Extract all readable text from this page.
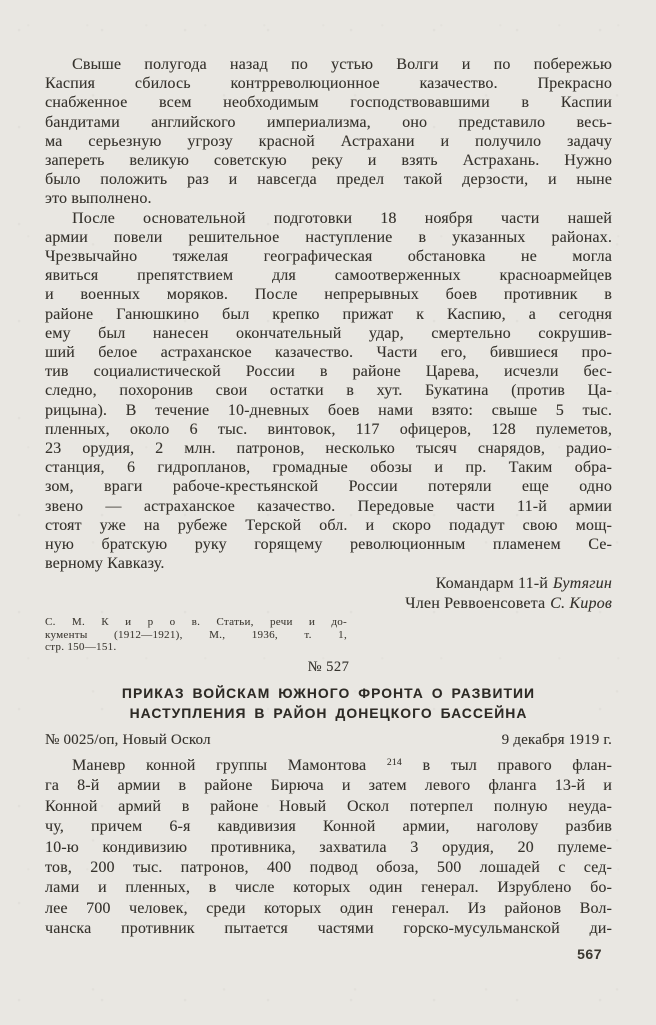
Свыше полугода назад по устью Волги и по побережью
Каспия сбилось контрреволюционное казачество. Прекрасно
снабженное всем необходимым господствовавшими в Каспии
бандитами английского империализма, оно представило весь-
ма серьезную угрозу красной Астрахани и получило задачу
запереть великую советскую реку и взять Астрахань. Нужно
было положить раз и навсегда предел такой дерзости, и ныне
это выполнено.
После основательной подготовки 18 ноября части нашей
армии повели решительное наступление в указанных районах.
Чрезвычайно тяжелая географическая обстановка не могла
явиться препятствием для самоотверженных красноармейцев
и военных моряков. После непрерывных боев противник в
районе Ганюшкино был крепко прижат к Каспию, а сегодня
ему был нанесен окончательный удар, смертельно сокрушив-
ший белое астраханское казачество. Части его, бившиеся про-
тив социалистической России в районе Царева, исчезли бес-
следно, похоронив свои остатки в хут. Букатина (против Ца-
рицына). В течение 10-дневных боев нами взято: свыше 5 тыс.
пленных, около 6 тыс. винтовок, 117 офицеров, 128 пулеметов,
23 орудия, 2 млн. патронов, несколько тысяч снарядов, радио-
станция, 6 гидропланов, громадные обозы и пр. Таким обра-
зом, враги рабоче-крестьянской России потеряли еще одно
звено — астраханское казачество. Передовые части 11-й армии
стоят уже на рубеже Терской обл. и скоро подадут свою мощ-
ную братскую руку горящему революционным пламенем Се-
верному Кавказу.
Командарм 11-й Бутягин
Член Реввоенсовета С. Киров
С. М. К и р о в. Статьи, речи и до-
кументы (1912—1921), М., 1936, т. 1,
стр. 150—151.
№ 527
ПРИКАЗ ВОЙСКАМ ЮЖНОГО ФРОНТА О РАЗВИТИИ
НАСТУПЛЕНИЯ В РАЙОН ДОНЕЦКОГО БАССЕЙНА
№ 0025/оп, Новый Оскол	9 декабря 1919 г.
Маневр конной группы Мамонтова $^{214}$ в тыл правого флан-
га 8-й армии в районе Бирюча и затем левого фланга 13-й и
Конной армий в районе Новый Оскол потерпел полную неуда-
чу, причем 6-я кавдивизия Конной армии, наголову разбив
10-ю кондивизию противника, захватила 3 орудия, 20 пулеме-
тов, 200 тыс. патронов, 400 подвод обоза, 500 лошадей с сед-
лами и пленных, в числе которых один генерал. Изрублено бо-
лее 700 человек, среди которых один генерал. Из районов Вол-
чанска противник пытается частями горско-мусульманской ди-
567
